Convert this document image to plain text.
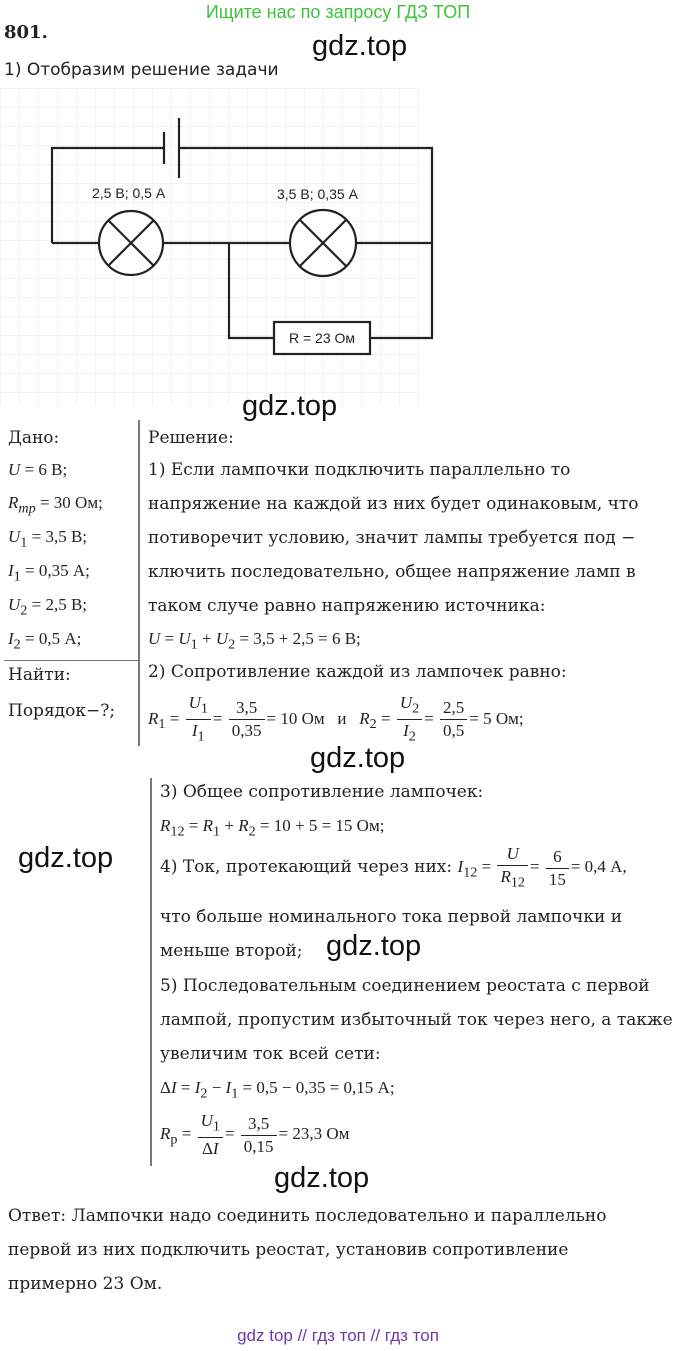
Ищите нас по запросу ГДЗ ТОП
801.
1) Отобразим решение задачи
gdz.top
2,5 В; 0,5 А	3,5 В; 0,35 А
R = 23 Ом
gdz.top
Дано:
U = 6 В;
$R_{mp} = 30$ Ом;
$U_1 = 3,5$ В;
$I_1 = 0,35$ А;
$U_2 = 2,5$ В;
$I_2 = 0,5$ А;
Найти:
Порядок−?;
Решение:
1) Если лампочки подключить параллельно то
напряжение на каждой из них будет одинаковым, что
потиворечит условию, значит лампы требуется под −
ключить последовательно, общее напряжение ламп в
таком случе равно напряжению источника:
$U = U_1 + U_2 = 3,5 + 2,5 = 6$ В;
2) Сопротивление каждой из лампочек равно:
$R_1 = \frac{U_1}{I_1} = \frac{3,5}{0,35} = 10$ Ом   и   $R_2 = \frac{U_2}{I_2} = \frac{2,5}{0,5} = 5$ Ом;
gdz.top
gdz.top
3) Общее сопротивление лампочек:
$R_{12} = R_1 + R_2 = 10 + 5 = 15$ Ом;
4) Ток, протекающий через них: $I_{12} = \frac{U}{R_{12}} = \frac{6}{15} = 0,4$ А,
что больше номинального тока первой лампочки и
меньше второй; gdz.top
5) Последовательным соединением реостата с первой
лампой, пропустим избыточный ток через него, а также
увеличим ток всей сети:
$\Delta I = I_2 - I_1 = 0,5 - 0,35 = 0,15$ А;
$R_p = \frac{U_1}{\Delta I} = \frac{3,5}{0,15} = 23,3$ Ом
gdz.top
Ответ: Лампочки надо соединить последовательно и параллельно
первой из них подключить реостат, установив сопротивление
примерно 23 Ом.
gdz top // гдз топ // гдз топ
